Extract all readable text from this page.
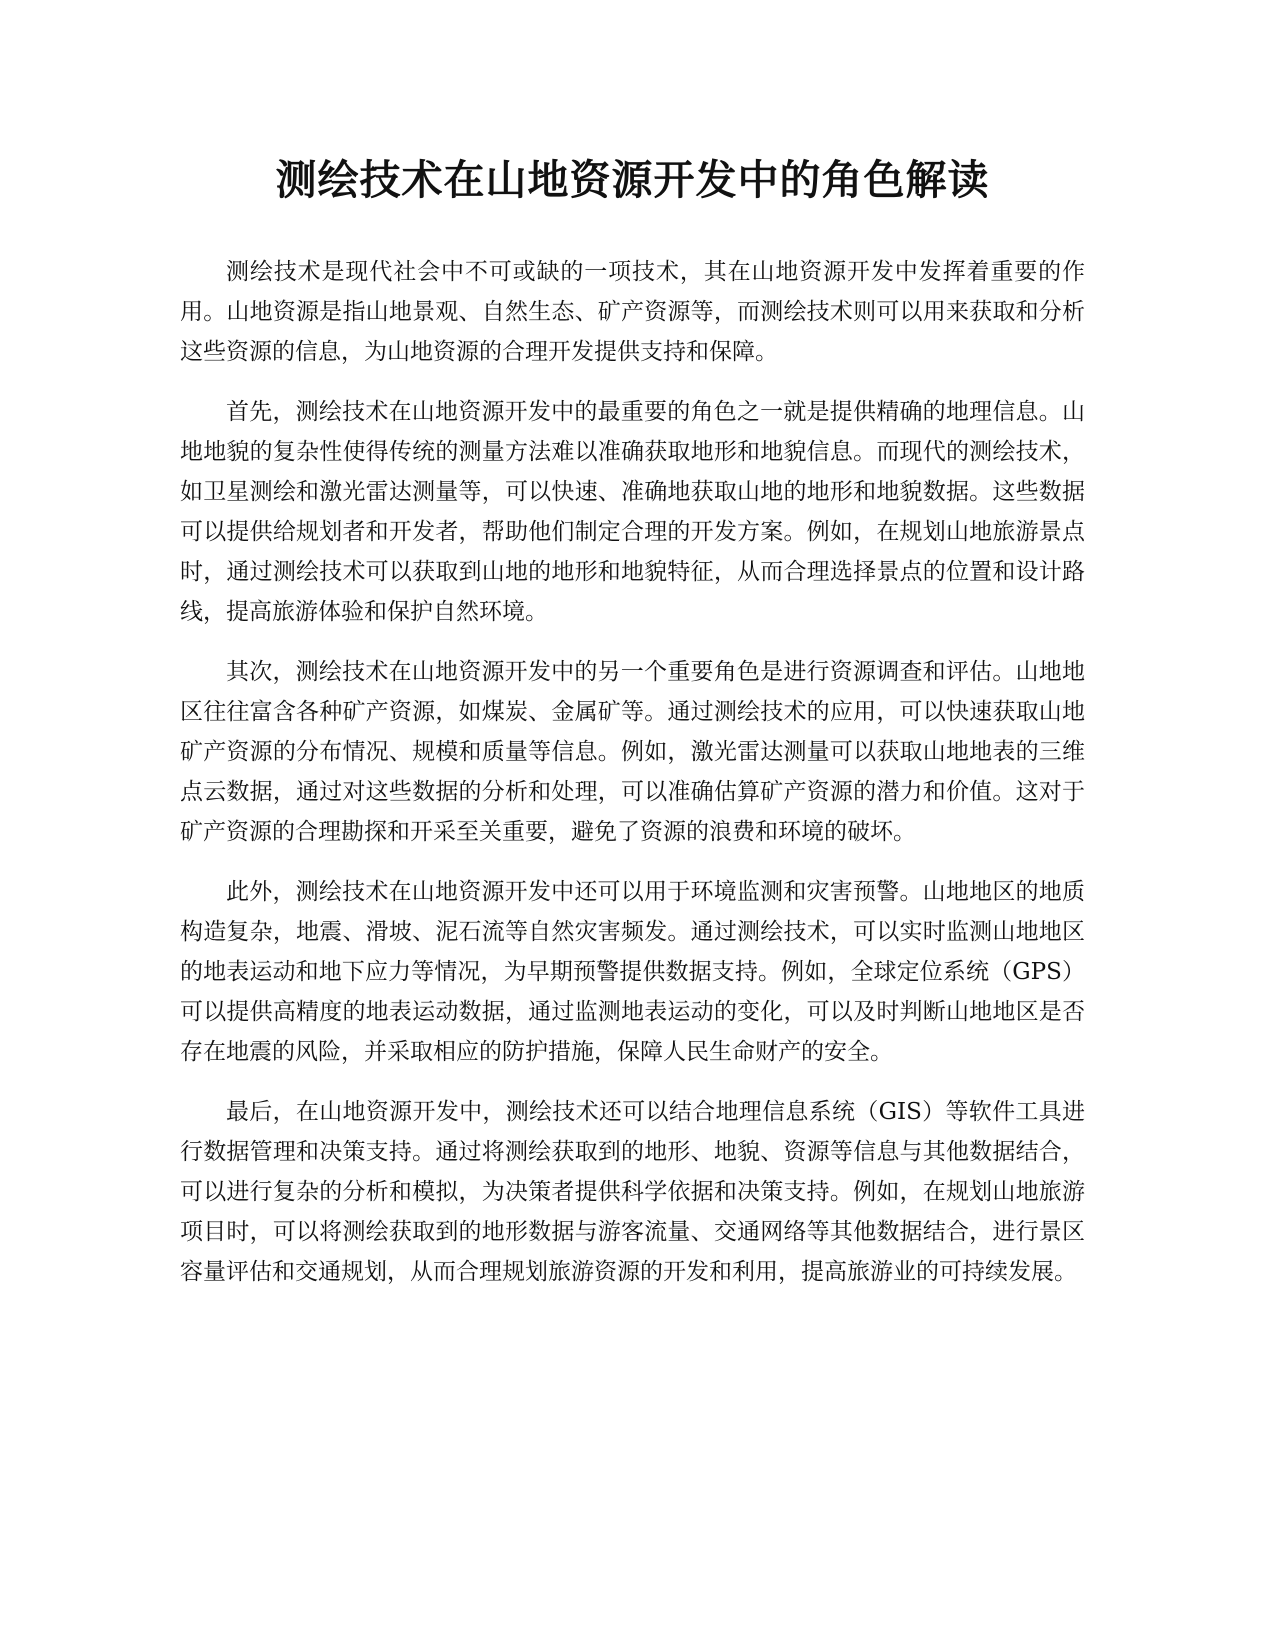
测绘技术在山地资源开发中的角色解读

测绘技术是现代社会中不可或缺的一项技术，其在山地资源开发中发挥着重要的作用。山地资源是指山地景观、自然生态、矿产资源等，而测绘技术则可以用来获取和分析这些资源的信息，为山地资源的合理开发提供支持和保障。

首先，测绘技术在山地资源开发中的最重要的角色之一就是提供精确的地理信息。山地地貌的复杂性使得传统的测量方法难以准确获取地形和地貌信息。而现代的测绘技术，如卫星测绘和激光雷达测量等，可以快速、准确地获取山地的地形和地貌数据。这些数据可以提供给规划者和开发者，帮助他们制定合理的开发方案。例如，在规划山地旅游景点时，通过测绘技术可以获取到山地的地形和地貌特征，从而合理选择景点的位置和设计路线，提高旅游体验和保护自然环境。

其次，测绘技术在山地资源开发中的另一个重要角色是进行资源调查和评估。山地地区往往富含各种矿产资源，如煤炭、金属矿等。通过测绘技术的应用，可以快速获取山地矿产资源的分布情况、规模和质量等信息。例如，激光雷达测量可以获取山地地表的三维点云数据，通过对这些数据的分析和处理，可以准确估算矿产资源的潜力和价值。这对于矿产资源的合理勘探和开采至关重要，避免了资源的浪费和环境的破坏。

此外，测绘技术在山地资源开发中还可以用于环境监测和灾害预警。山地地区的地质构造复杂，地震、滑坡、泥石流等自然灾害频发。通过测绘技术，可以实时监测山地地区的地表运动和地下应力等情况，为早期预警提供数据支持。例如，全球定位系统（GPS）可以提供高精度的地表运动数据，通过监测地表运动的变化，可以及时判断山地地区是否存在地震的风险，并采取相应的防护措施，保障人民生命财产的安全。

最后，在山地资源开发中，测绘技术还可以结合地理信息系统（GIS）等软件工具进行数据管理和决策支持。通过将测绘获取到的地形、地貌、资源等信息与其他数据结合，可以进行复杂的分析和模拟，为决策者提供科学依据和决策支持。例如，在规划山地旅游项目时，可以将测绘获取到的地形数据与游客流量、交通网络等其他数据结合，进行景区容量评估和交通规划，从而合理规划旅游资源的开发和利用，提高旅游业的可持续发展。
